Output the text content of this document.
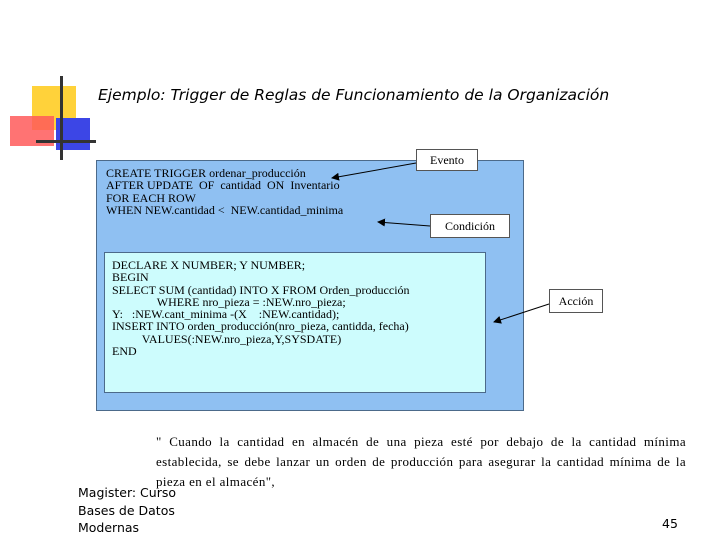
Ejemplo: Trigger de Reglas de Funcionamiento de la Organización
CREATE TRIGGER ordenar_producción
AFTER UPDATE  OF  cantidad  ON  Inventario
FOR EACH ROW
WHEN NEW.cantidad <  NEW.cantidad_minima
DECLARE X NUMBER; Y NUMBER;
BEGIN
SELECT SUM (cantidad) INTO X FROM Orden_producción
WHERE nro_pieza = :NEW.nro_pieza;
Y:   :NEW.cant_minima -(X    :NEW.cantidad);
INSERT INTO orden_producción(nro_pieza, cantidda, fecha)
VALUES(:NEW.nro_pieza,Y,SYSDATE)
END
Evento
Condición
Acción
" Cuando la cantidad en almacén de una pieza esté por debajo de la cantidad mínima establecida, se debe lanzar un orden de producción para asegurar la cantidad mínima de la pieza en el almacén",
Magister: Curso Bases de Datos Modernas	45
